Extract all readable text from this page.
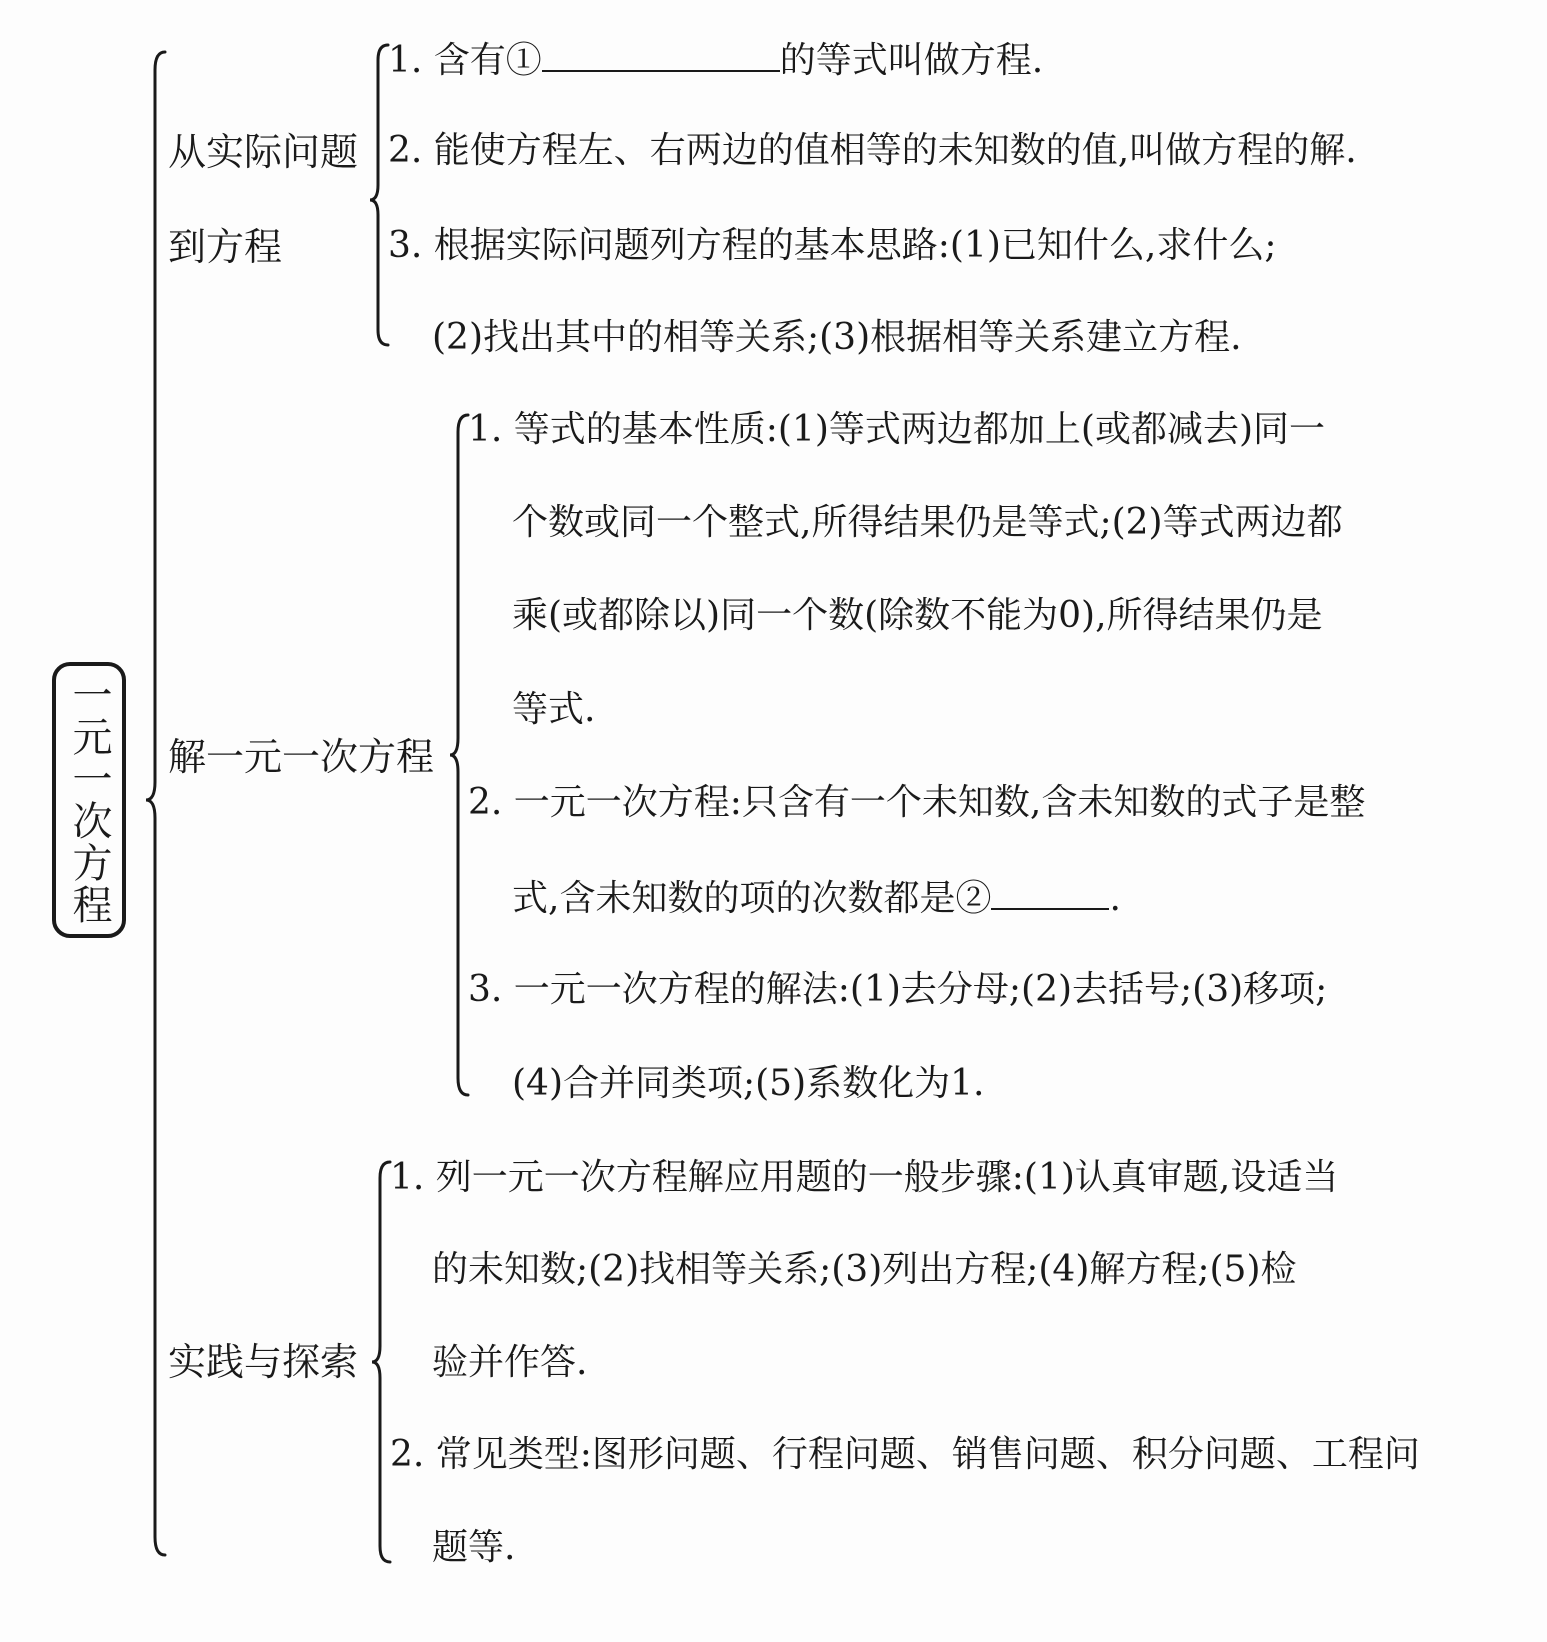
一元一次方程
从实际问题
到方程
1. 含有①	的等式叫做方程.
2. 能使方程左、右两边的值相等的未知数的值,叫做方程的解.
3. 根据实际问题列方程的基本思路:(1)已知什么,求什么;
(2)找出其中的相等关系;(3)根据相等关系建立方程.
解一元一次方程
1. 等式的基本性质:(1)等式两边都加上(或都减去)同一
个数或同一个整式,所得结果仍是等式;(2)等式两边都
乘(或都除以)同一个数(除数不能为0),所得结果仍是
等式.
2. 一元一次方程:只含有一个未知数,含未知数的式子是整
式,含未知数的项的次数都是②	.
3. 一元一次方程的解法:(1)去分母;(2)去括号;(3)移项;
(4)合并同类项;(5)系数化为1.
实践与探索
1. 列一元一次方程解应用题的一般步骤:(1)认真审题,设适当
的未知数;(2)找相等关系;(3)列出方程;(4)解方程;(5)检
验并作答.
2. 常见类型:图形问题、行程问题、销售问题、积分问题、工程问
题等.
